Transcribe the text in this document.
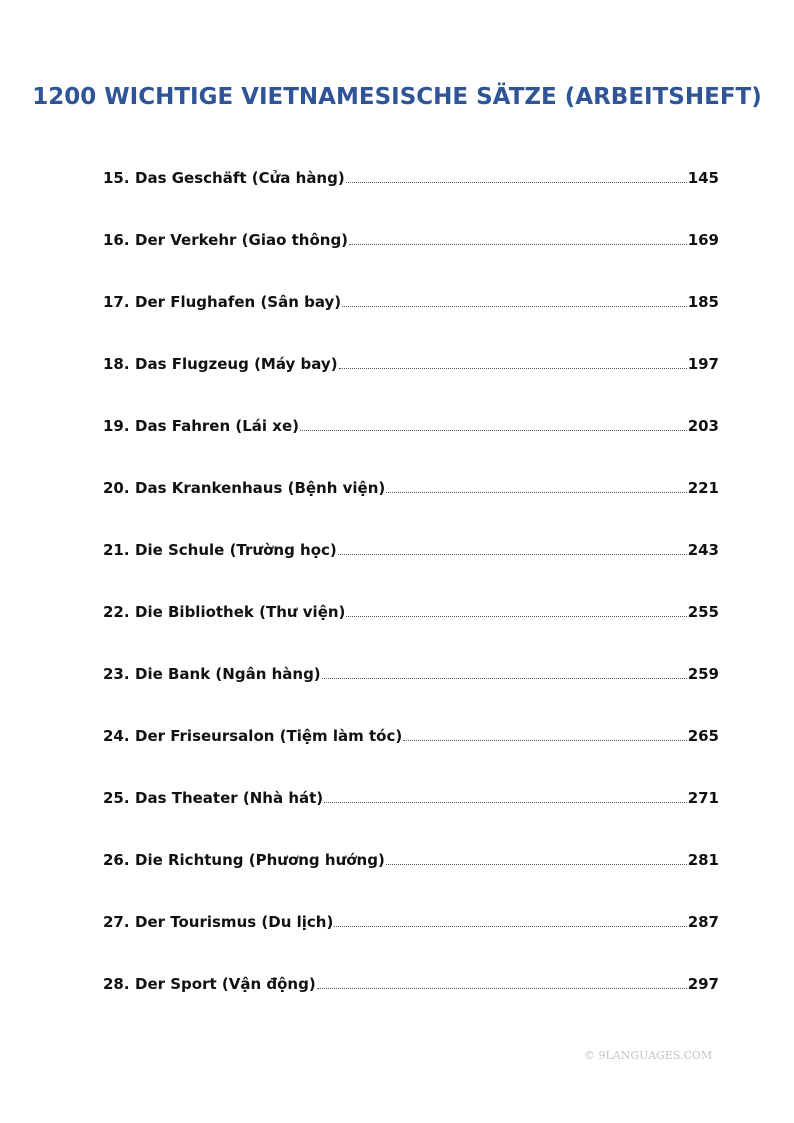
1200 WICHTIGE VIETNAMESISCHE SÄTZE (ARBEITSHEFT)
15. Das Geschäft (Cửa hàng)	145
16. Der Verkehr (Giao thông)	169
17. Der Flughafen (Sân bay)	185
18. Das Flugzeug (Máy bay)	197
19. Das Fahren (Lái xe)	203
20. Das Krankenhaus (Bệnh viện)	221
21. Die Schule (Trường học)	243
22. Die Bibliothek (Thư viện)	255
23. Die Bank (Ngân hàng)	259
24. Der Friseursalon (Tiệm làm tóc)	265
25. Das Theater (Nhà hát)	271
26. Die Richtung (Phương hướng)	281
27. Der Tourismus (Du lịch)	287
28. Der Sport (Vận động)	297
© 9LANGUAGES.COM
